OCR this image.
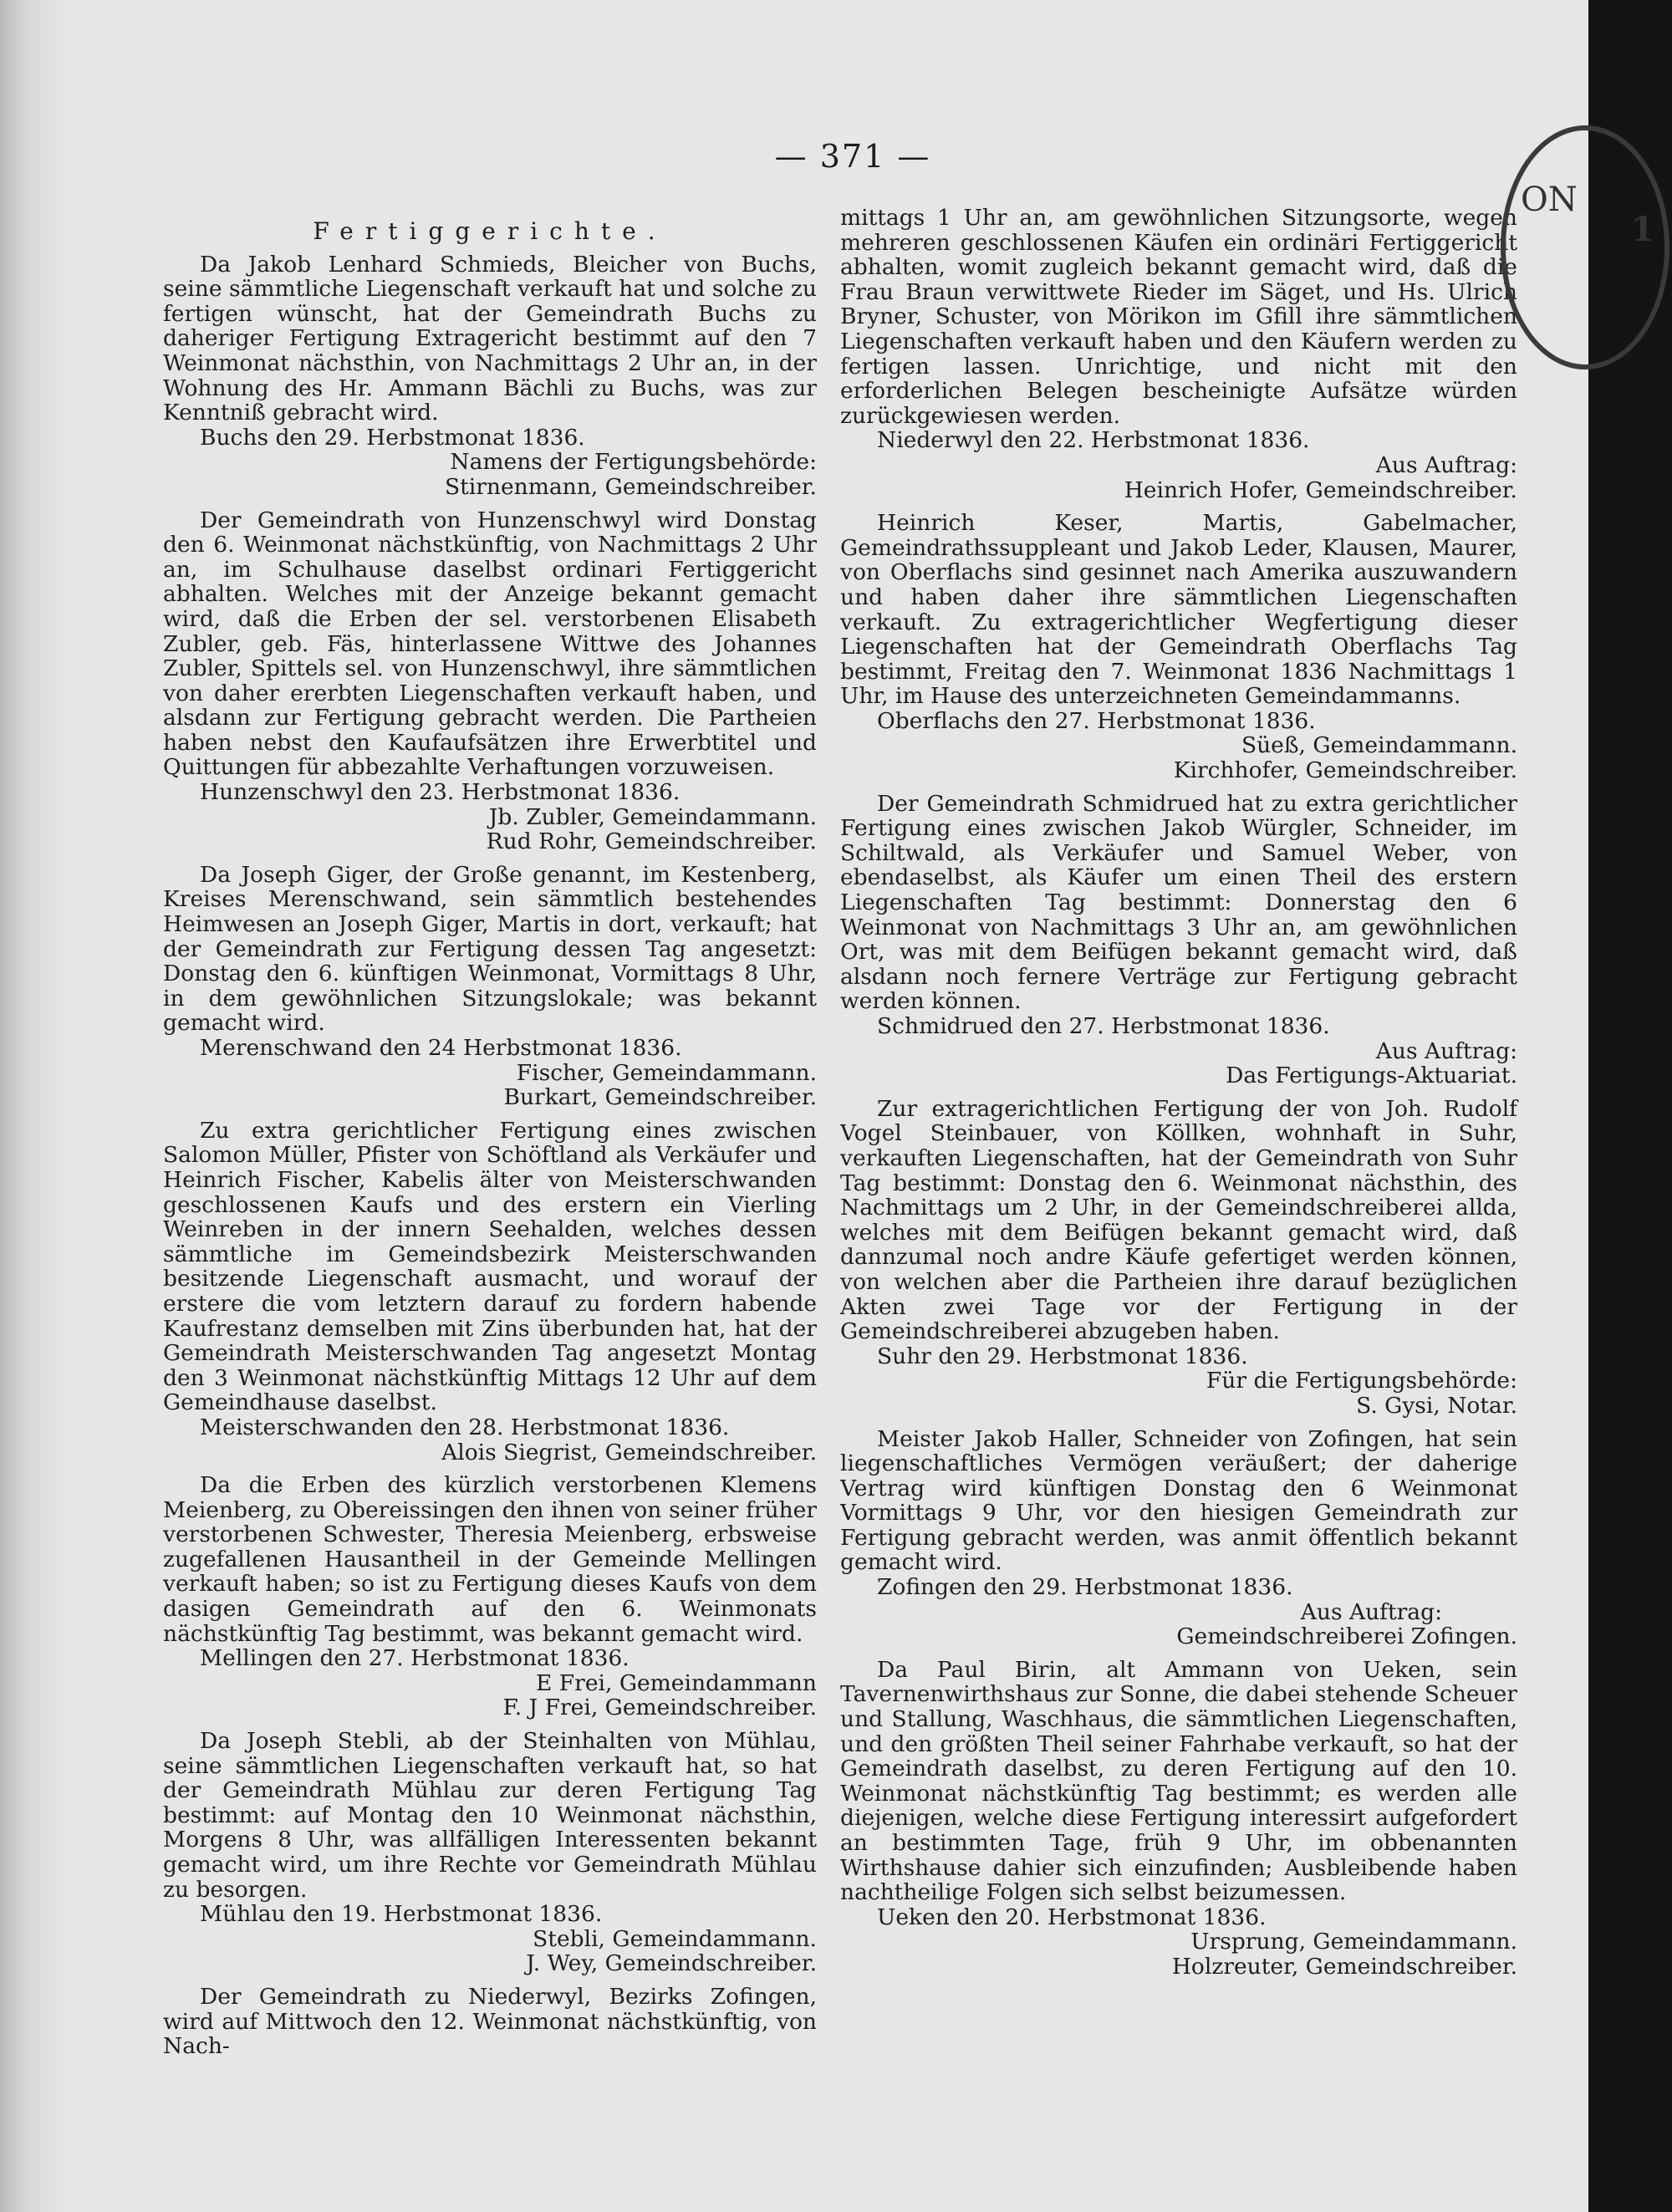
— 371 —

Fertiggerichte.

Da Jakob Lenhard Schmieds, Bleicher von Buchs, seine sämmtliche Liegenschaft verkauft hat und solche zu fertigen wünscht, hat der Gemeindrath Buchs zu daheriger Fertigung Extragericht bestimmt auf den 7 Weinmonat nächsthin, von Nachmittags 2 Uhr an, in der Wohnung des Hr. Ammann Bächli zu Buchs, was zur Kenntniß gebracht wird.

Buchs den 29. Herbstmonat 1836.

Namens der Fertigungsbehörde:

Stirnenmann, Gemeindschreiber.

Der Gemeindrath von Hunzenschwyl wird Donstag den 6. Weinmonat nächstkünftig, von Nachmittags 2 Uhr an, im Schulhause daselbst ordinari Fertiggericht abhalten. Welches mit der Anzeige bekannt gemacht wird, daß die Erben der sel. verstorbenen Elisabeth Zubler, geb. Fäs, hinterlassene Wittwe des Johannes Zubler, Spittels sel. von Hunzenschwyl, ihre sämmtlichen von daher ererbten Liegenschaften verkauft haben, und alsdann zur Fertigung gebracht werden. Die Partheien haben nebst den Kaufaufsätzen ihre Erwerbtitel und Quittungen für abbezahlte Verhaftungen vorzuweisen.

Hunzenschwyl den 23. Herbstmonat 1836.

Jb. Zubler, Gemeindammann.

Rud Rohr, Gemeindschreiber.

Da Joseph Giger, der Große genannt, im Kestenberg, Kreises Merenschwand, sein sämmtlich bestehendes Heimwesen an Joseph Giger, Martis in dort, verkauft; hat der Gemeindrath zur Fertigung dessen Tag angesetzt: Donstag den 6. künftigen Weinmonat, Vormittags 8 Uhr, in dem gewöhnlichen Sitzungslokale; was bekannt gemacht wird.

Merenschwand den 24 Herbstmonat 1836.

Fischer, Gemeindammann.

Burkart, Gemeindschreiber.

Zu extra gerichtlicher Fertigung eines zwischen Salomon Müller, Pfister von Schöftland als Verkäufer und Heinrich Fischer, Kabelis älter von Meisterschwanden geschlossenen Kaufs und des erstern ein Vierling Weinreben in der innern Seehalden, welches dessen sämmtliche im Gemeindsbezirk Meisterschwanden besitzende Liegenschaft ausmacht, und worauf der erstere die vom letztern darauf zu fordern habende Kaufrestanz demselben mit Zins überbunden hat, hat der Gemeindrath Meisterschwanden Tag angesetzt Montag den 3 Weinmonat nächstkünftig Mittags 12 Uhr auf dem Gemeindhause daselbst.

Meisterschwanden den 28. Herbstmonat 1836.

Alois Siegrist, Gemeindschreiber.

Da die Erben des kürzlich verstorbenen Klemens Meienberg, zu Obereissingen den ihnen von seiner früher verstorbenen Schwester, Theresia Meienberg, erbsweise zugefallenen Hausantheil in der Gemeinde Mellingen verkauft haben; so ist zu Fertigung dieses Kaufs von dem dasigen Gemeindrath auf den 6. Weinmonats nächstkünftig Tag bestimmt, was bekannt gemacht wird.

Mellingen den 27. Herbstmonat 1836.

E Frei, Gemeindammann

F. J Frei, Gemeindschreiber.

Da Joseph Stebli, ab der Steinhalten von Mühlau, seine sämmtlichen Liegenschaften verkauft hat, so hat der Gemeindrath Mühlau zur deren Fertigung Tag bestimmt: auf Montag den 10 Weinmonat nächsthin, Morgens 8 Uhr, was allfälligen Interessenten bekannt gemacht wird, um ihre Rechte vor Gemeindrath Mühlau zu besorgen.

Mühlau den 19. Herbstmonat 1836.

Stebli, Gemeindammann.

J. Wey, Gemeindschreiber.

Der Gemeindrath zu Niederwyl, Bezirks Zofingen, wird auf Mittwoch den 12. Weinmonat nächstkünftig, von Nach-

mittags 1 Uhr an, am gewöhnlichen Sitzungsorte, wegen mehreren geschlossenen Käufen ein ordinäri Fertiggericht abhalten, womit zugleich bekannt gemacht wird, daß die Frau Braun verwittwete Rieder im Säget, und Hs. Ulrich Bryner, Schuster, von Mörikon im Gfill ihre sämmtlichen Liegenschaften verkauft haben und den Käufern werden zu fertigen lassen. Unrichtige, und nicht mit den erforderlichen Belegen bescheinigte Aufsätze würden zurückgewiesen werden.

Niederwyl den 22. Herbstmonat 1836.

Aus Auftrag:

Heinrich Hofer, Gemeindschreiber.

Heinrich Keser, Martis, Gabelmacher, Gemeindrathssuppleant und Jakob Leder, Klausen, Maurer, von Oberflachs sind gesinnet nach Amerika auszuwandern und haben daher ihre sämmtlichen Liegenschaften verkauft. Zu extragerichtlicher Wegfertigung dieser Liegenschaften hat der Gemeindrath Oberflachs Tag bestimmt, Freitag den 7. Weinmonat 1836 Nachmittags 1 Uhr, im Hause des unterzeichneten Gemeindammanns.

Oberflachs den 27. Herbstmonat 1836.

Süeß, Gemeindammann.

Kirchhofer, Gemeindschreiber.

Der Gemeindrath Schmidrued hat zu extra gerichtlicher Fertigung eines zwischen Jakob Würgler, Schneider, im Schiltwald, als Verkäufer und Samuel Weber, von ebendaselbst, als Käufer um einen Theil des erstern Liegenschaften Tag bestimmt: Donnerstag den 6 Weinmonat von Nachmittags 3 Uhr an, am gewöhnlichen Ort, was mit dem Beifügen bekannt gemacht wird, daß alsdann noch fernere Verträge zur Fertigung gebracht werden können.

Schmidrued den 27. Herbstmonat 1836.

Aus Auftrag:

Das Fertigungs-Aktuariat.

Zur extragerichtlichen Fertigung der von Joh. Rudolf Vogel Steinbauer, von Köllken, wohnhaft in Suhr, verkauften Liegenschaften, hat der Gemeindrath von Suhr Tag bestimmt: Donstag den 6. Weinmonat nächsthin, des Nachmittags um 2 Uhr, in der Gemeindschreiberei allda, welches mit dem Beifügen bekannt gemacht wird, daß dannzumal noch andre Käufe gefertiget werden können, von welchen aber die Partheien ihre darauf bezüglichen Akten zwei Tage vor der Fertigung in der Gemeindschreiberei abzugeben haben.

Suhr den 29. Herbstmonat 1836.

Für die Fertigungsbehörde:

S. Gysi, Notar.

Meister Jakob Haller, Schneider von Zofingen, hat sein liegenschaftliches Vermögen veräußert; der daherige Vertrag wird künftigen Donstag den 6 Weinmonat Vormittags 9 Uhr, vor den hiesigen Gemeindrath zur Fertigung gebracht werden, was anmit öffentlich bekannt gemacht wird.

Zofingen den 29. Herbstmonat 1836.

Aus Auftrag:

Gemeindschreiberei Zofingen.

Da Paul Birin, alt Ammann von Ueken, sein Tavernenwirthshaus zur Sonne, die dabei stehende Scheuer und Stallung, Waschhaus, die sämmtlichen Liegenschaften, und den größten Theil seiner Fahrhabe verkauft, so hat der Gemeindrath daselbst, zu deren Fertigung auf den 10. Weinmonat nächstkünftig Tag bestimmt; es werden alle diejenigen, welche diese Fertigung interessirt aufgefordert an bestimmten Tage, früh 9 Uhr, im obbenannten Wirthshause dahier sich einzufinden; Ausbleibende haben nachtheilige Folgen sich selbst beizumessen.

Ueken den 20. Herbstmonat 1836.

Ursprung, Gemeindammann.

Holzreuter, Gemeindschreiber.

ON
1
